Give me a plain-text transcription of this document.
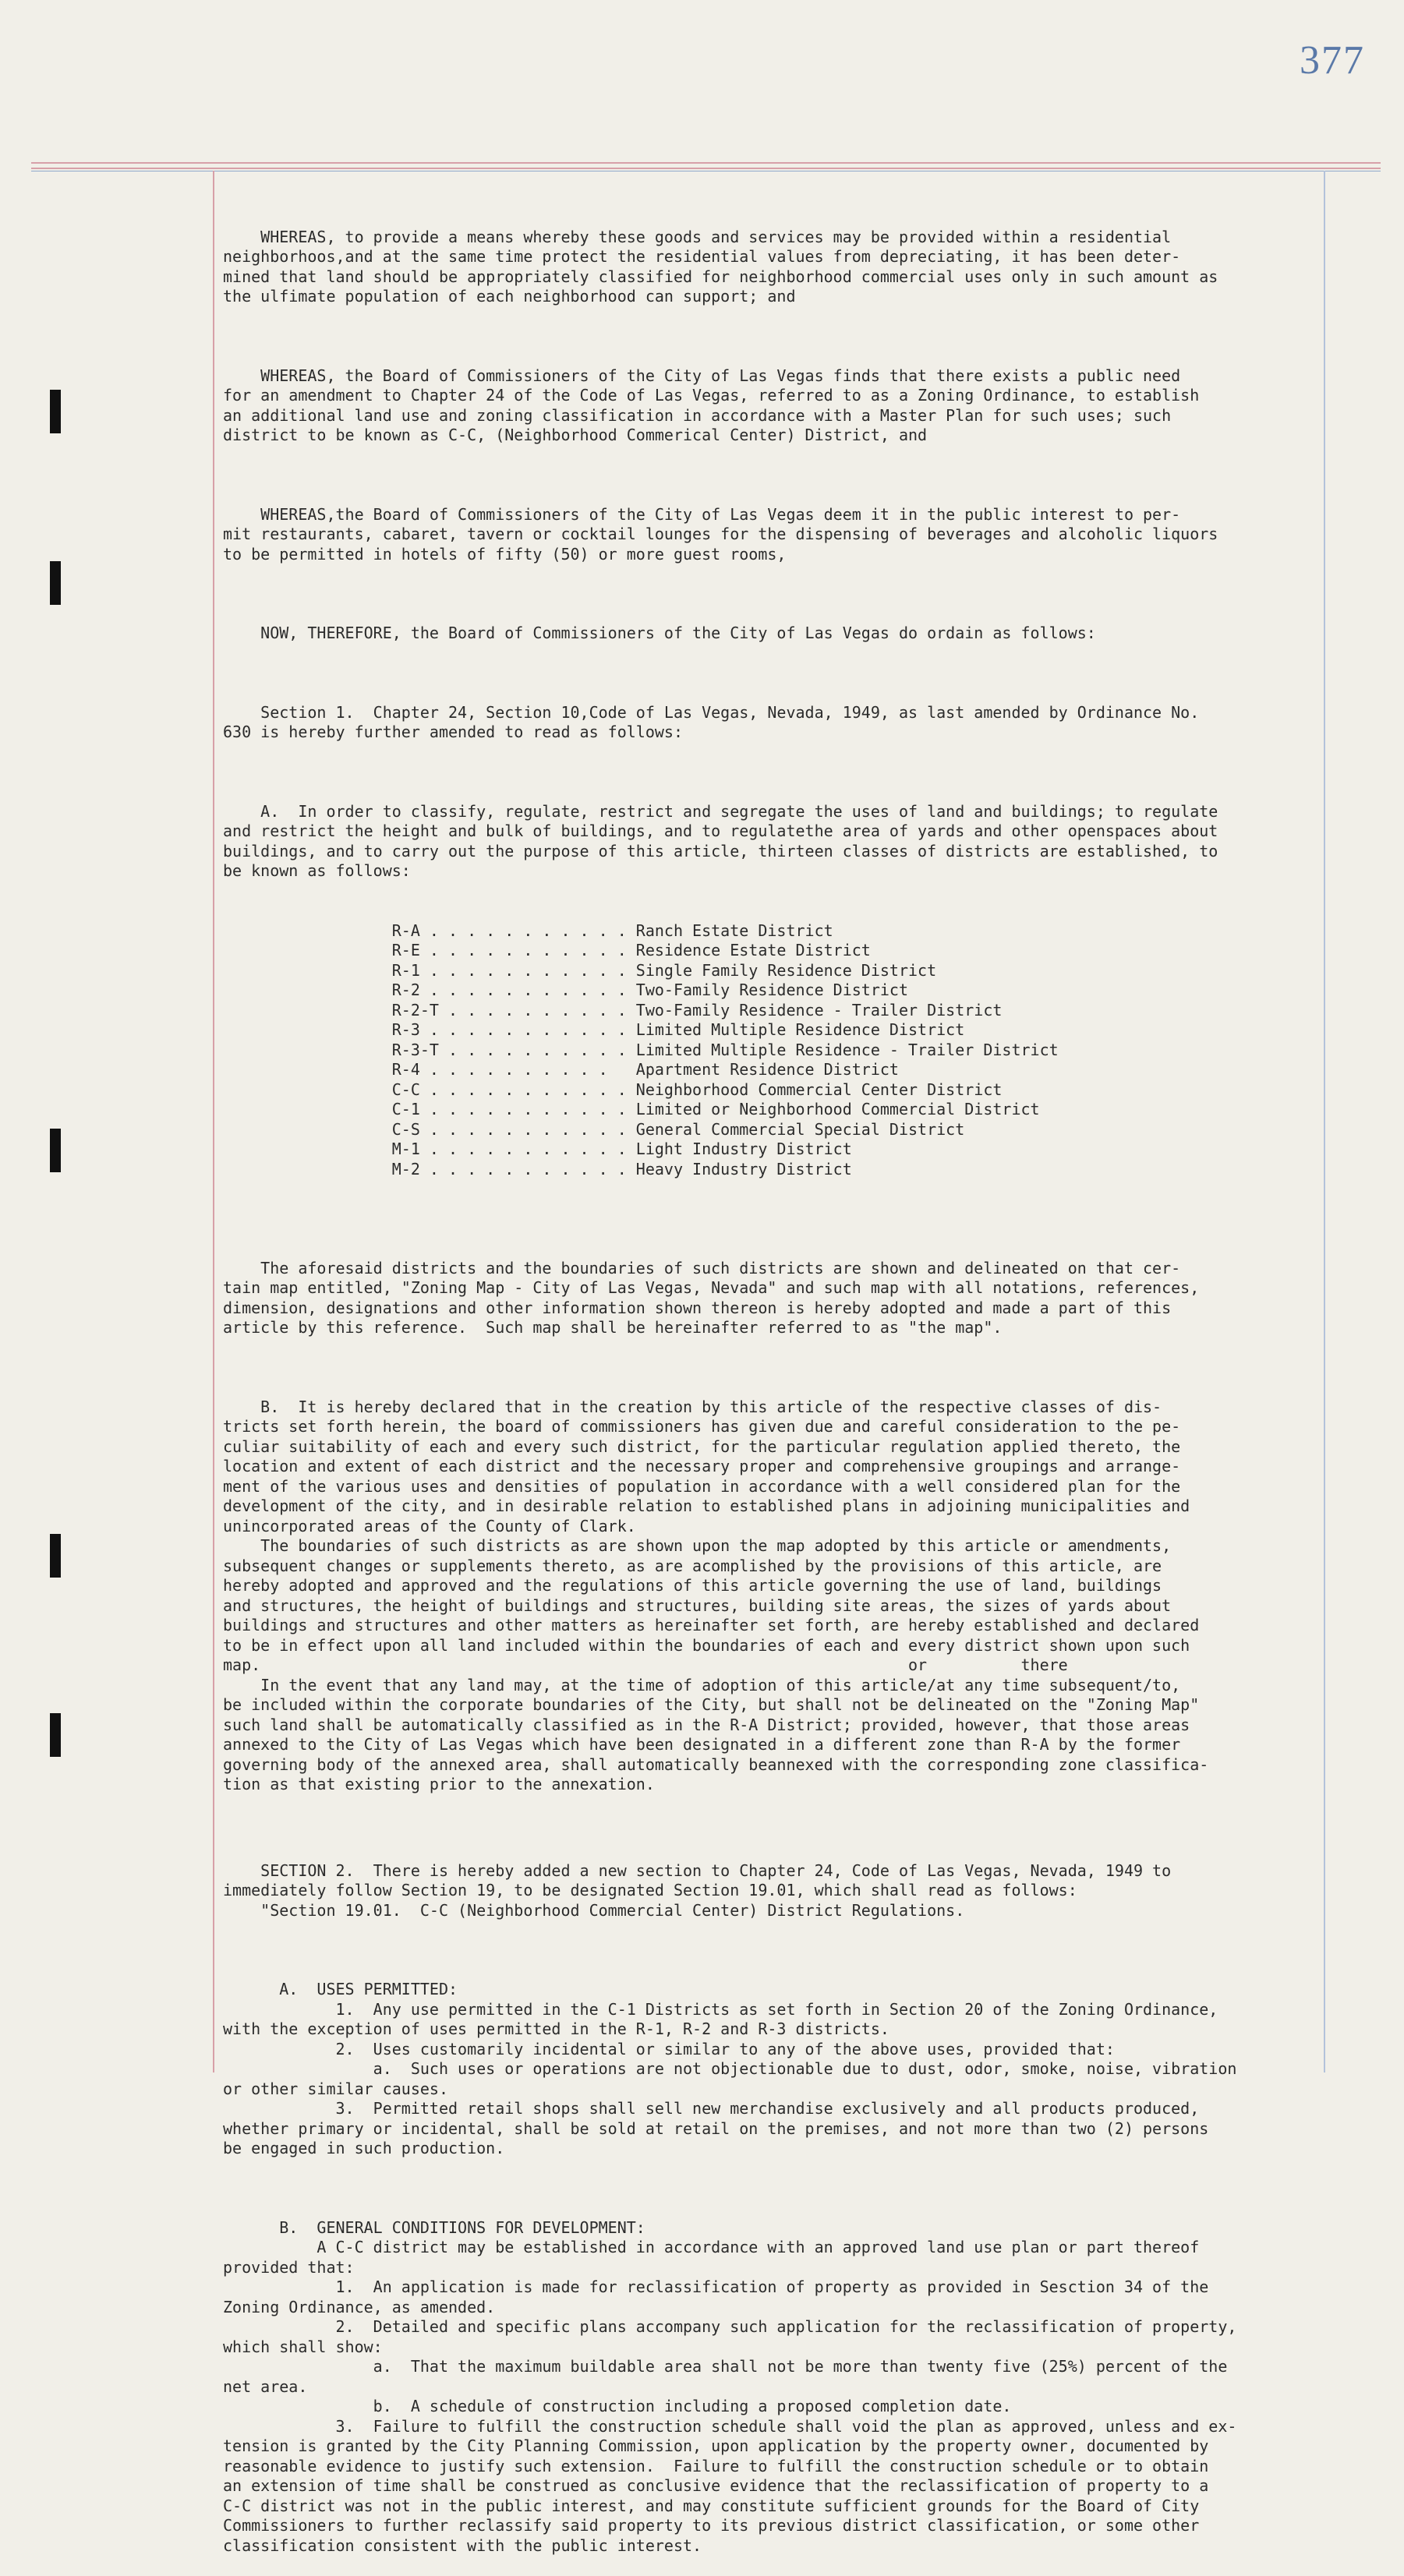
377

WHEREAS, to provide a means whereby these goods and services may be provided within a residential
neighborhoos,and at the same time protect the residential values from depreciating, it has been deter-
mined that land should be appropriately classified for neighborhood commercial uses only in such amount as
the ulfimate population of each neighborhood can support; and

WHEREAS, the Board of Commissioners of the City of Las Vegas finds that there exists a public need
for an amendment to Chapter 24 of the Code of Las Vegas, referred to as a Zoning Ordinance, to establish
an additional land use and zoning classification in accordance with a Master Plan for such uses; such
district to be known as C-C, (Neighborhood Commerical Center) District, and

WHEREAS,the Board of Commissioners of the City of Las Vegas deem it in the public interest to per-
mit restaurants, cabaret, tavern or cocktail lounges for the dispensing of beverages and alcoholic liquors
to be permitted in hotels of fifty (50) or more guest rooms,

NOW, THEREFORE, the Board of Commissioners of the City of Las Vegas do ordain as follows:

Section 1.  Chapter 24, Section 10,Code of Las Vegas, Nevada, 1949, as last amended by Ordinance No.
630 is hereby further amended to read as follows:

A.  In order to classify, regulate, restrict and segregate the uses of land and buildings; to regulate
and restrict the height and bulk of buildings, and to regulatethe area of yards and other openspaces about
buildings, and to carry out the purpose of this article, thirteen classes of districts are established, to
be known as follows:

R-A . . . . . . . . . . . Ranch Estate District
R-E . . . . . . . . . . . Residence Estate District
R-1 . . . . . . . . . . . Single Family Residence District
R-2 . . . . . . . . . . . Two-Family Residence District
R-2-T . . . . . . . . . . Two-Family Residence - Trailer District
R-3 . . . . . . . . . . . Limited Multiple Residence District
R-3-T . . . . . . . . . . Limited Multiple Residence - Trailer District
R-4 . . . . . . . . . .   Apartment Residence District
C-C . . . . . . . . . . . Neighborhood Commercial Center District
C-1 . . . . . . . . . . . Limited or Neighborhood Commercial District
C-S . . . . . . . . . . . General Commercial Special District
M-1 . . . . . . . . . . . Light Industry District
M-2 . . . . . . . . . . . Heavy Industry District

The aforesaid districts and the boundaries of such districts are shown and delineated on that cer-
tain map entitled, "Zoning Map - City of Las Vegas, Nevada" and such map with all notations, references,
dimension, designations and other information shown thereon is hereby adopted and made a part of this
article by this reference.  Such map shall be hereinafter referred to as "the map".

B.  It is hereby declared that in the creation by this article of the respective classes of dis-
tricts set forth herein, the board of commissioners has given due and careful consideration to the pe-
culiar suitability of each and every such district, for the particular regulation applied thereto, the
location and extent of each district and the necessary proper and comprehensive groupings and arrange-
ment of the various uses and densities of population in accordance with a well considered plan for the
development of the city, and in desirable relation to established plans in adjoining municipalities and
unincorporated areas of the County of Clark.
The boundaries of such districts as are shown upon the map adopted by this article or amendments,
subsequent changes or supplements thereto, as are acomplished by the provisions of this article, are
hereby adopted and approved and the regulations of this article governing the use of land, buildings
and structures, the height of buildings and structures, building site areas, the sizes of yards about
buildings and structures and other matters as hereinafter set forth, are hereby established and declared
to be in effect upon all land included within the boundaries of each and every district shown upon such
map.                                                                     or          there
In the event that any land may, at the time of adoption of this article/at any time subsequent/to,
be included within the corporate boundaries of the City, but shall not be delineated on the "Zoning Map"
such land shall be automatically classified as in the R-A District; provided, however, that those areas
annexed to the City of Las Vegas which have been designated in a different zone than R-A by the former
governing body of the annexed area, shall automatically beannexed with the corresponding zone classifica-
tion as that existing prior to the annexation.

SECTION 2.  There is hereby added a new section to Chapter 24, Code of Las Vegas, Nevada, 1949 to
immediately follow Section 19, to be designated Section 19.01, which shall read as follows:
"Section 19.01.  C-C (Neighborhood Commercial Center) District Regulations.

A.  USES PERMITTED:
1.  Any use permitted in the C-1 Districts as set forth in Section 20 of the Zoning Ordinance,
with the exception of uses permitted in the R-1, R-2 and R-3 districts.
2.  Uses customarily incidental or similar to any of the above uses, provided that:
a.  Such uses or operations are not objectionable due to dust, odor, smoke, noise, vibration
or other similar causes.
3.  Permitted retail shops shall sell new merchandise exclusively and all products produced,
whether primary or incidental, shall be sold at retail on the premises, and not more than two (2) persons
be engaged in such production.

B.  GENERAL CONDITIONS FOR DEVELOPMENT:
A C-C district may be established in accordance with an approved land use plan or part thereof
provided that:
1.  An application is made for reclassification of property as provided in Sesction 34 of the
Zoning Ordinance, as amended.
2.  Detailed and specific plans accompany such application for the reclassification of property,
which shall show:
a.  That the maximum buildable area shall not be more than twenty five (25%) percent of the
net area.
b.  A schedule of construction including a proposed completion date.
3.  Failure to fulfill the construction schedule shall void the plan as approved, unless and ex-
tension is granted by the City Planning Commission, upon application by the property owner, documented by
reasonable evidence to justify such extension.  Failure to fulfill the construction schedule or to obtain
an extension of time shall be construed as conclusive evidence that the reclassification of property to a
C-C district was not in the public interest, and may constitute sufficient grounds for the Board of City
Commissioners to further reclassify said property to its previous district classification, or some other
classification consistent with the public interest.
